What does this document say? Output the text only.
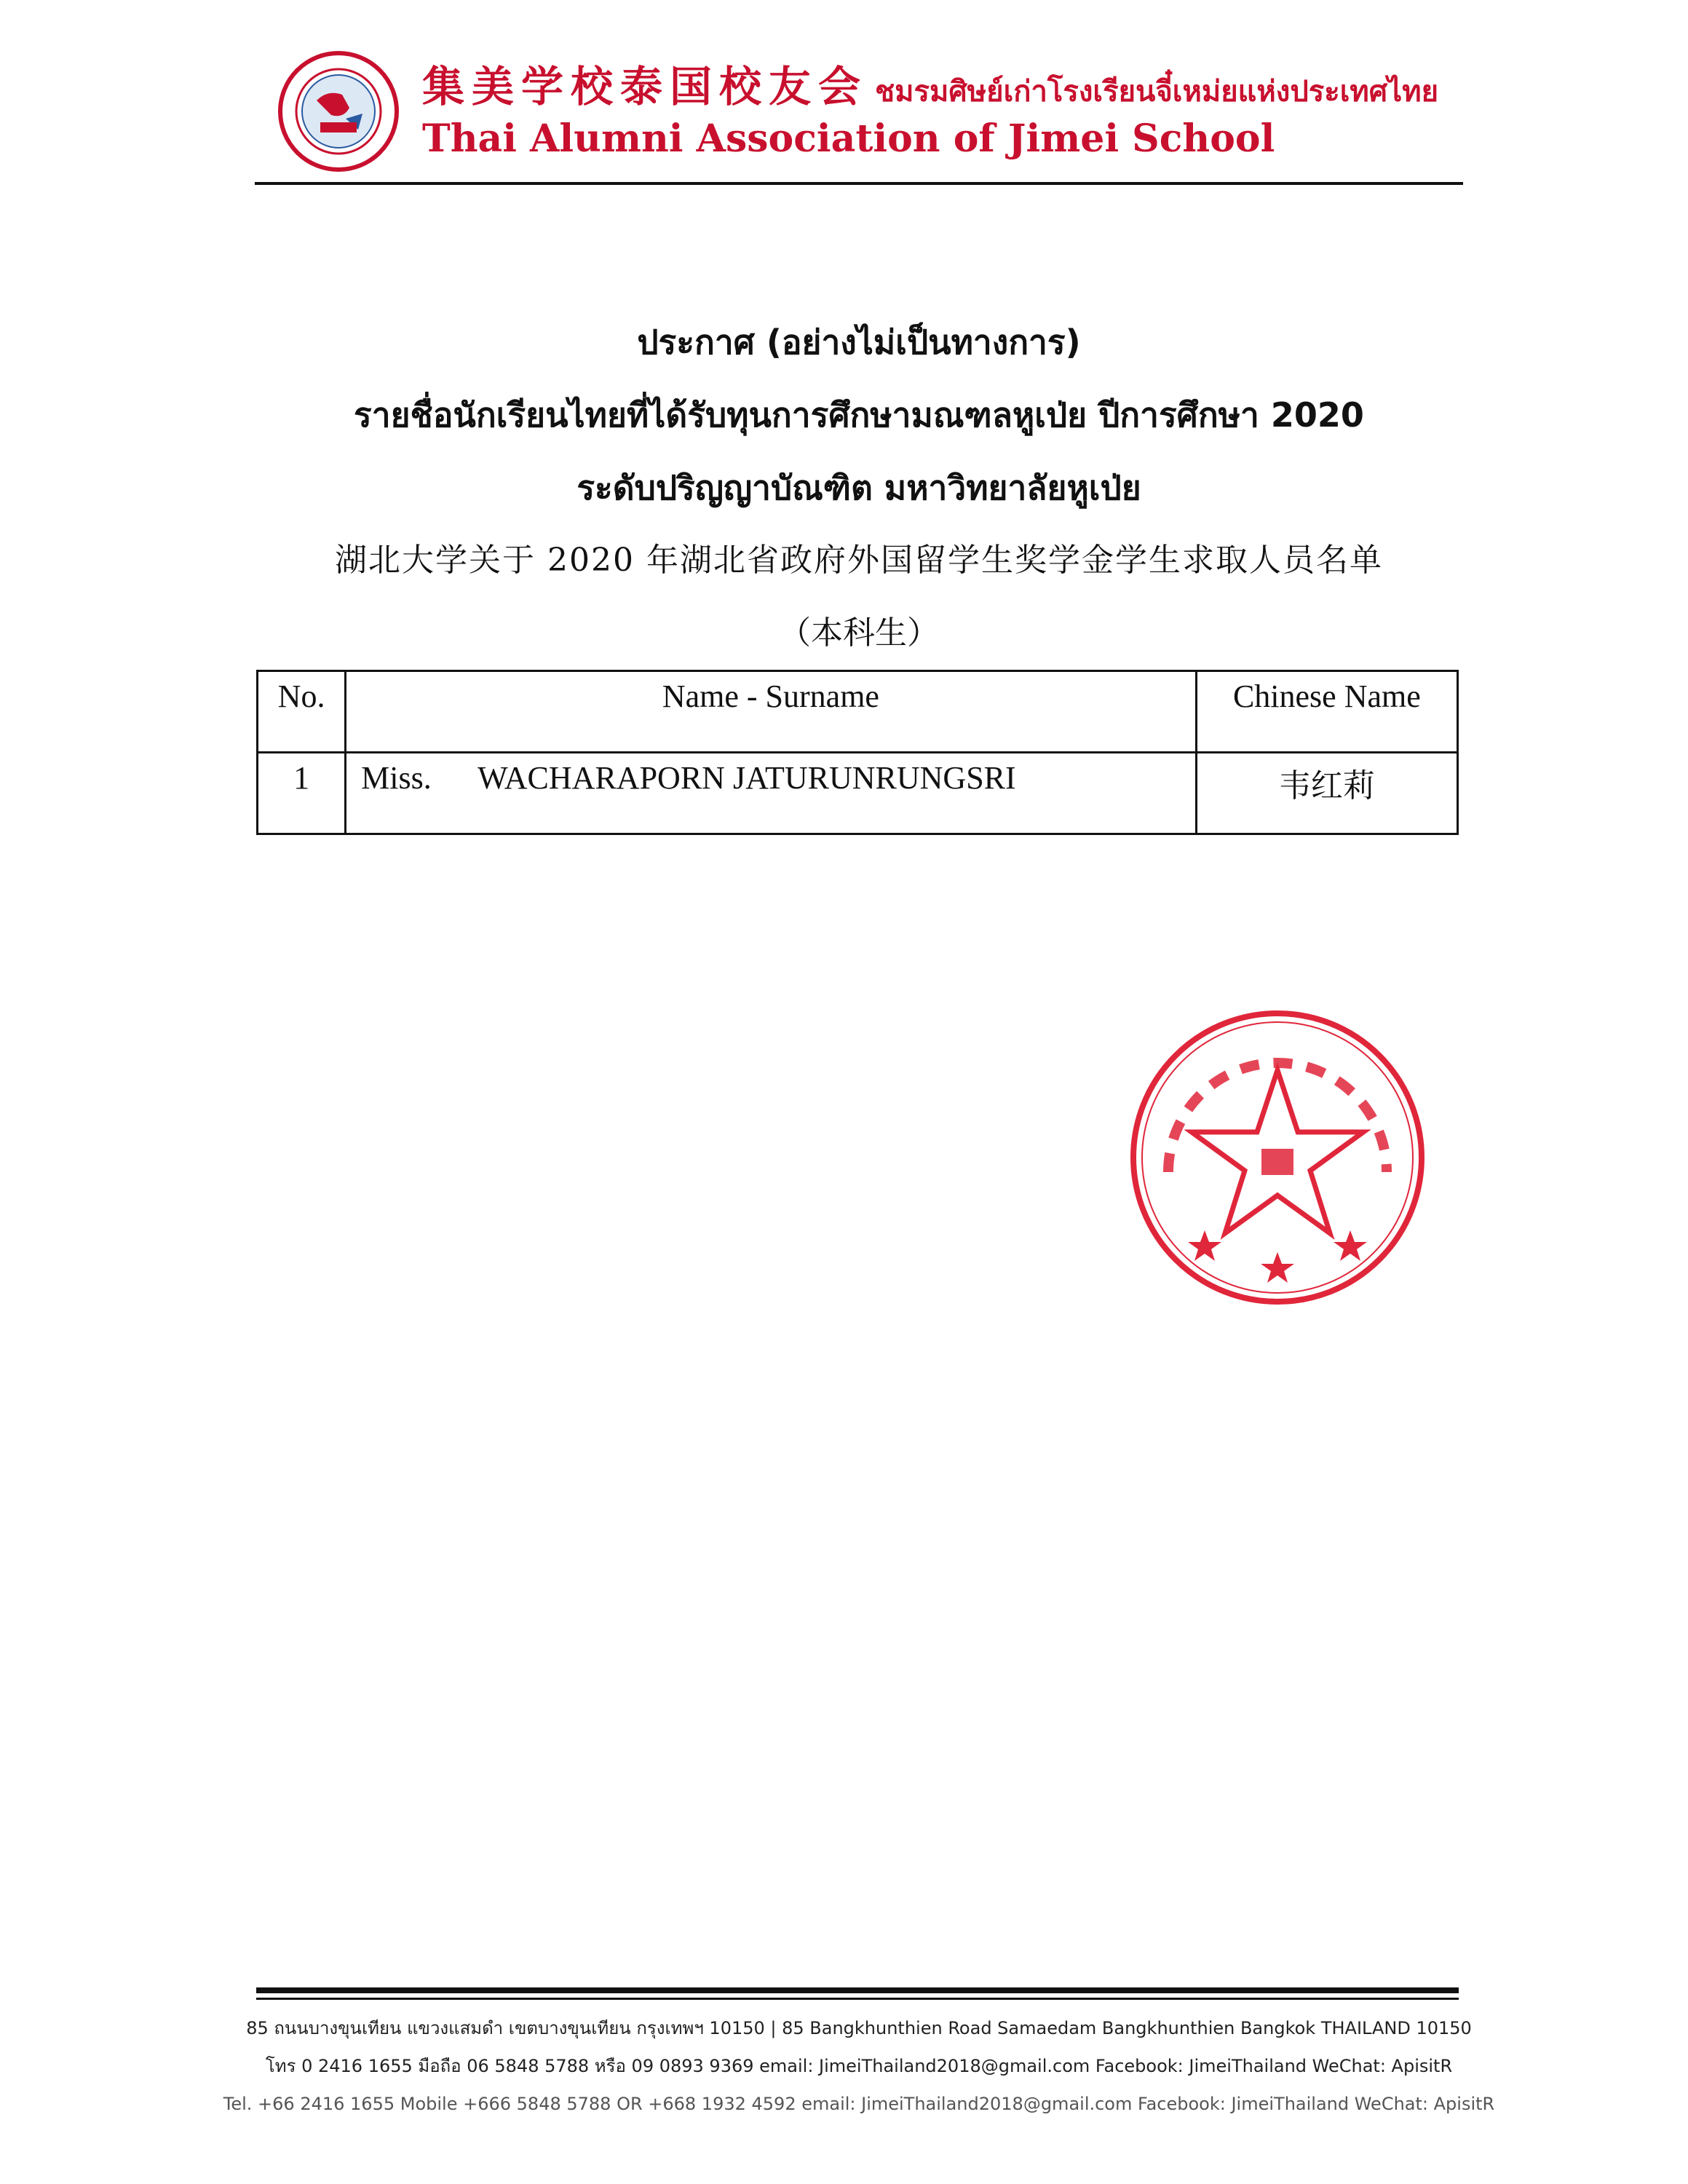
集美学校泰国校友会 ชมรมศิษย์เก่าโรงเรียนจี๋เหม่ยแห่งประเทศไทย
Thai Alumni Association of Jimei School
ประกาศ (อย่างไม่เป็นทางการ)
รายชื่อนักเรียนไทยที่ได้รับทุนการศึกษามณฑลหูเป่ย ปีการศึกษา 2020
ระดับปริญญาบัณฑิต มหาวิทยาลัยหูเป่ย
湖北大学关于 2020 年湖北省政府外国留学生奖学金学生求取人员名单
（本科生）
No.	Name - Surname	Chinese Name
1	Miss. WACHARAPORN JATURUNRUNGSRI	韦红莉
85 ถนนบางขุนเทียน แขวงแสมดำ เขตบางขุนเทียน กรุงเทพฯ 10150 | 85 Bangkhunthien Road Samaedam Bangkhunthien Bangkok THAILAND 10150
โทร 0 2416 1655 มือถือ 06 5848 5788 หรือ 09 0893 9369 email: JimeiThailand2018@gmail.com Facebook: JimeiThailand WeChat: ApisitR
Tel. +66 2416 1655 Mobile +666 5848 5788 OR +668 1932 4592 email: JimeiThailand2018@gmail.com Facebook: JimeiThailand WeChat: ApisitR
